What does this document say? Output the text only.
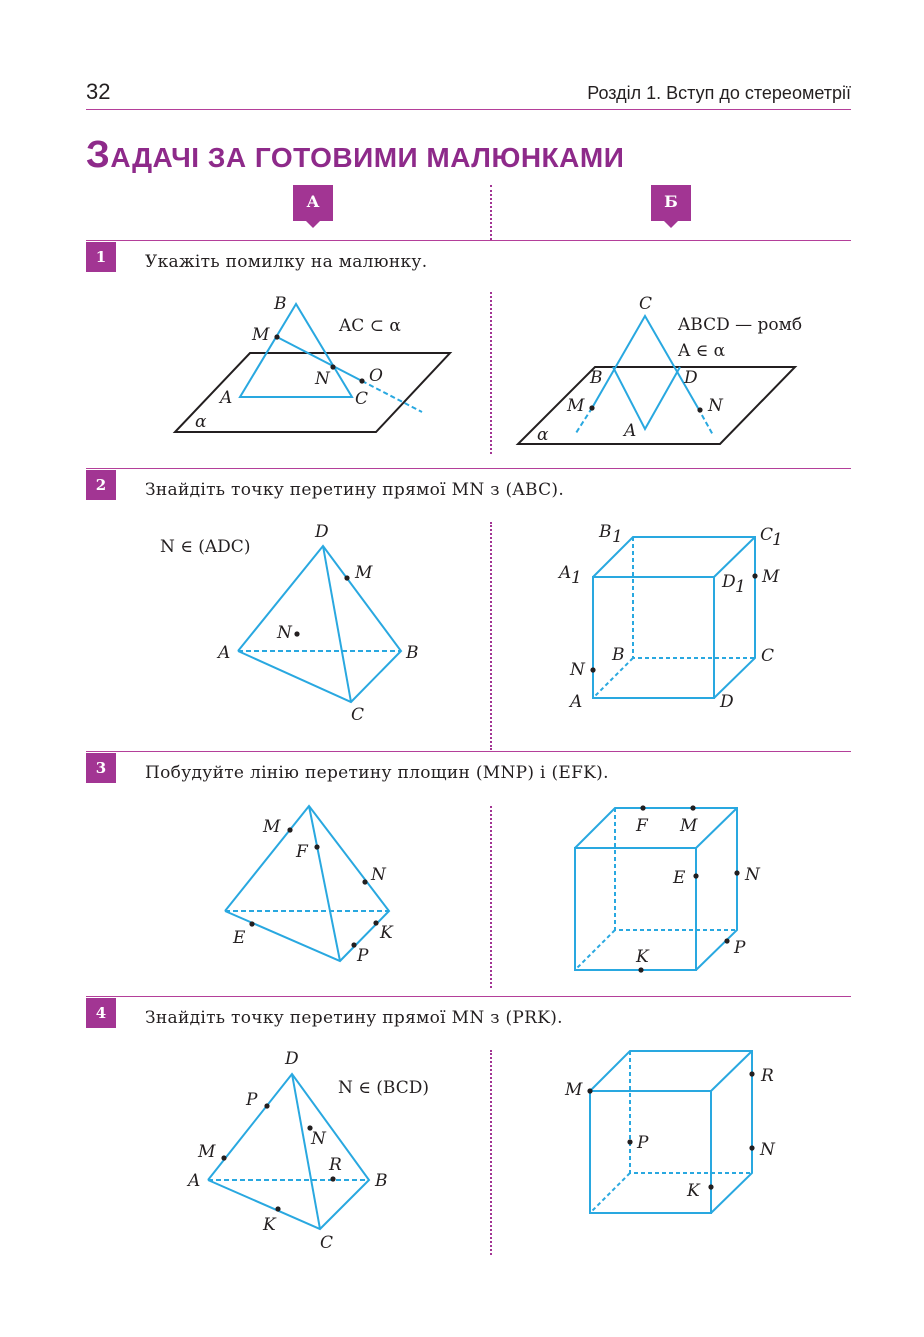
32	Розділ 1. Вступ до стереометрії
ЗАДАЧІ ЗА ГОТОВИМИ МАЛЮНКАМИ
А	Б
1	Укажіть помилку на малюнку.
2	Знайдіть точку перетину прямої MN з (ABC).
3	Побудуйте лінію перетину площин (MNP) і (EFK).
4	Знайдіть точку перетину прямої MN з (PRK).
B
M
N O
A	C
α
AC ⊂ α
C
B	D
M	N
A
α
ABCD — ромб
A ∈ α
D
M
N
A	B
C
N ∈ (ADC)
B 1	C
1
A 1	D 1 M
B	C
N
A	D
M
F
N
E	K
P
F M
E	N
P
K
D
P
N
M
R
A	B
K
C
N ∈ (BCD)	M
R
P	N
K
